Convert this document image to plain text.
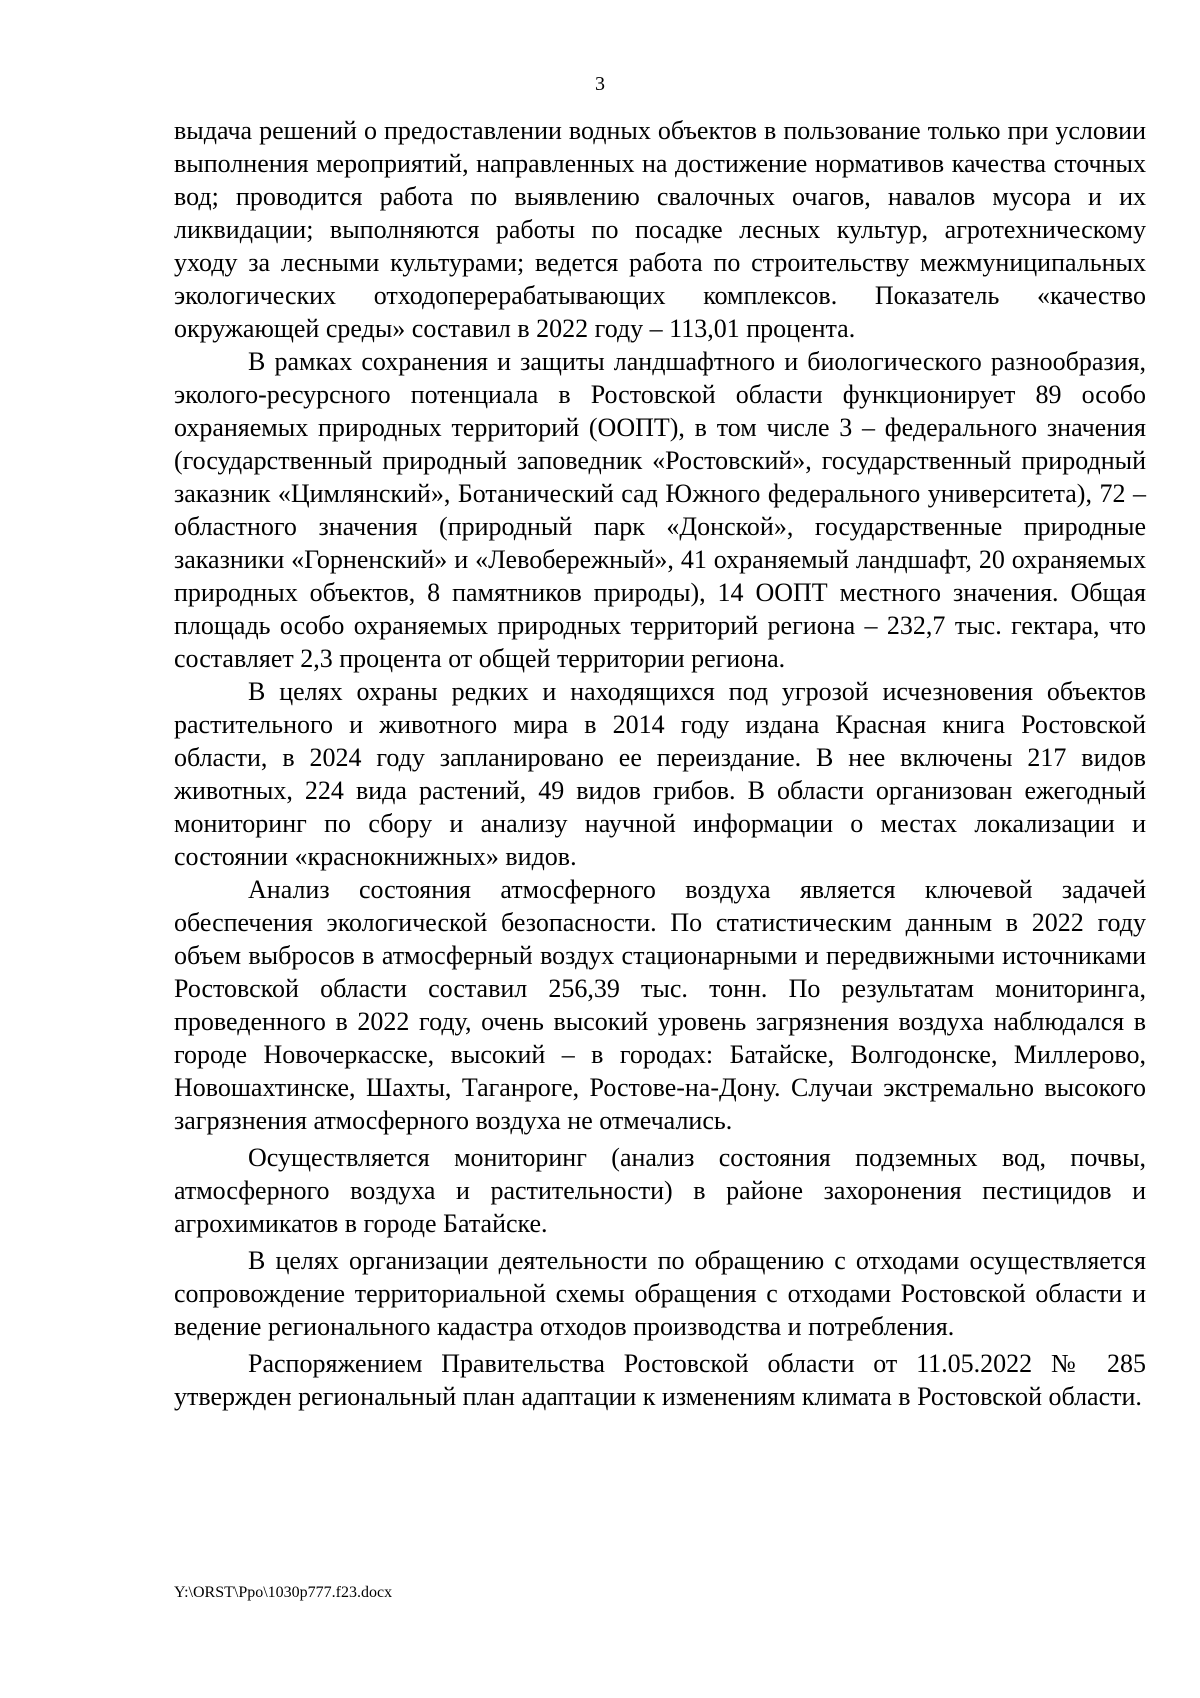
3

выдача решений о предоставлении водных объектов в пользование только при условии выполнения мероприятий, направленных на достижение нормативов качества сточных вод; проводится работа по выявлению свалочных очагов, навалов мусора и их ликвидации; выполняются работы по посадке лесных культур, агротехническому уходу за лесными культурами; ведется работа по строительству межмуниципальных экологических отходоперерабатывающих комплексов. Показатель «качество окружающей среды» составил в 2022 году – 113,01 процента.

В рамках сохранения и защиты ландшафтного и биологического разнообразия, эколого-ресурсного потенциала в Ростовской области функционирует 89 особо охраняемых природных территорий (ООПТ), в том числе 3 – федерального значения (государственный природный заповедник «Ростовский», государственный природный заказник «Цимлянский», Ботанический сад Южного федерального университета), 72 – областного значения (природный парк «Донской», государственные природные заказники «Горненский» и «Левобережный», 41 охраняемый ландшафт, 20 охраняемых природных объектов, 8 памятников природы), 14 ООПТ местного значения. Общая площадь особо охраняемых природных территорий региона – 232,7 тыс. гектара, что составляет 2,3 процента от общей территории региона.

В целях охраны редких и находящихся под угрозой исчезновения объектов растительного и животного мира в 2014 году издана Красная книга Ростовской области, в 2024 году запланировано ее переиздание. В нее включены 217 видов животных, 224 вида растений, 49 видов грибов. В области организован ежегодный мониторинг по сбору и анализу научной информации о местах локализации и состоянии «краснокнижных» видов.

Анализ состояния атмосферного воздуха является ключевой задачей обеспечения экологической безопасности. По статистическим данным в 2022 году объем выбросов в атмосферный воздух стационарными и передвижными источниками Ростовской области составил 256,39 тыс. тонн. По результатам мониторинга, проведенного в 2022 году, очень высокий уровень загрязнения воздуха наблюдался в городе Новочеркасске, высокий – в городах: Батайске, Волгодонске, Миллерово, Новошахтинске, Шахты, Таганроге, Ростове-на-Дону. Случаи экстремально высокого загрязнения атмосферного воздуха не отмечались.

Осуществляется мониторинг (анализ состояния подземных вод, почвы, атмосферного воздуха и растительности) в районе захоронения пестицидов и агрохимикатов в городе Батайске.

В целях организации деятельности по обращению с отходами осуществляется сопровождение территориальной схемы обращения с отходами Ростовской области и ведение регионального кадастра отходов производства и потребления.

Распоряжением Правительства Ростовской области от 11.05.2022 № 285 утвержден региональный план адаптации к изменениям климата в Ростовской области.

Y:\ORST\Ppo\1030p777.f23.docx
